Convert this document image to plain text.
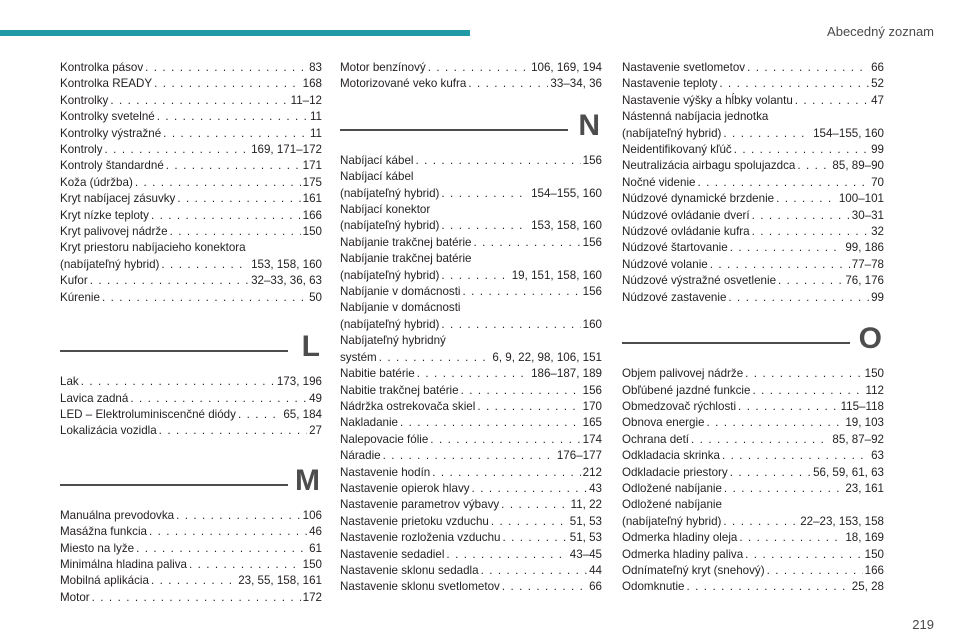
Abecedný zoznam
Kontrolka pásov . . .	83
Kontrolka READY . . .	168
Kontrolky . . .	11–12
Kontrolky svetelné . . .	11
Kontrolky výstražné . . .	11
Kontroly . . .	169, 171–172
Kontroly štandardné . . .	171
Koža (údržba) . . .	175
Kryt nabíjacej zásuvky . . .	161
Kryt nízke teploty . . .	166
Kryt palivovej nádrže . . .	150
Kryt priestoru nabíjacieho konektora
(nabíjateľný hybrid) . . .	153, 158, 160
Kufor . . .	32–33, 36, 63
Kúrenie . . .	50
L
Lak . . .	173, 196
Lavica zadná . . .	49
LED – Elektroluminiscenčné diódy . . .	65, 184
Lokalizácia vozidla . . .	27
M
Manuálna prevodovka . . .	106
Masážna funkcia . . .	46
Miesto na lyže . . .	61
Minimálna hladina paliva . . .	150
Mobilná aplikácia . . .	23, 55, 158, 161
Motor . . .	172
Motor benzínový . . .	106, 169, 194
Motorizované veko kufra . . .	33–34, 36
N
Nabíjací kábel . . .	156
Nabíjací kábel
(nabíjateľný hybrid) . . .	154–155, 160
Nabíjací konektor
(nabíjateľný hybrid) . . .	153, 158, 160
Nabíjanie trakčnej batérie . . .	156
Nabíjanie trakčnej batérie
(nabíjateľný hybrid) . . .	19, 151, 158, 160
Nabíjanie v domácnosti . . .	156
Nabíjanie v domácnosti
(nabíjateľný hybrid) . . .	160
Nabíjateľný hybridný
systém . . .	6, 9, 22, 98, 106, 151
Nabitie batérie . . .	186–187, 189
Nabitie trakčnej batérie . . .	156
Nádržka ostrekovača skiel . . .	170
Nakladanie . . .	165
Nalepovacie fólie . . .	174
Náradie . . .	176–177
Nastavenie hodín . . .	212
Nastavenie opierok hlavy . . .	43
Nastavenie parametrov výbavy . . .	11, 22
Nastavenie prietoku vzduchu . . .	51, 53
Nastavenie rozloženia vzduchu . . .	51, 53
Nastavenie sedadiel . . .	43–45
Nastavenie sklonu sedadla . . .	44
Nastavenie sklonu svetlometov . . .	66
Nastavenie svetlometov . . .	66
Nastavenie teploty . . .	52
Nastavenie výšky a hĺbky volantu . . .	47
Nástenná nabíjacia jednotka
(nabíjateľný hybrid) . . .	154–155, 160
Neidentifikovaný kľúč . . .	99
Neutralizácia airbagu spolujazdca . . .	85, 89–90
Nočné videnie . . .	70
Núdzové dynamické brzdenie . . .	100–101
Núdzové ovládanie dverí . . .	30–31
Núdzové ovládanie kufra . . .	32
Núdzové štartovanie . . .	99, 186
Núdzové volanie . . .	77–78
Núdzové výstražné osvetlenie . . .	76, 176
Núdzové zastavenie . . .	99
O
Objem palivovej nádrže . . .	150
Obľúbené jazdné funkcie . . .	112
Obmedzovač rýchlosti . . .	115–118
Obnova energie . . .	19, 103
Ochrana detí . . .	85, 87–92
Odkladacia skrinka . . .	63
Odkladacie priestory . . .	56, 59, 61, 63
Odložené nabíjanie . . .	23, 161
Odložené nabíjanie
(nabíjateľný hybrid) . . .	22–23, 153, 158
Odmerka hladiny oleja . . .	18, 169
Odmerka hladiny paliva . . .	150
Odnímateľný kryt (snehový) . . .	166
Odomknutie . . .	25, 28
219
